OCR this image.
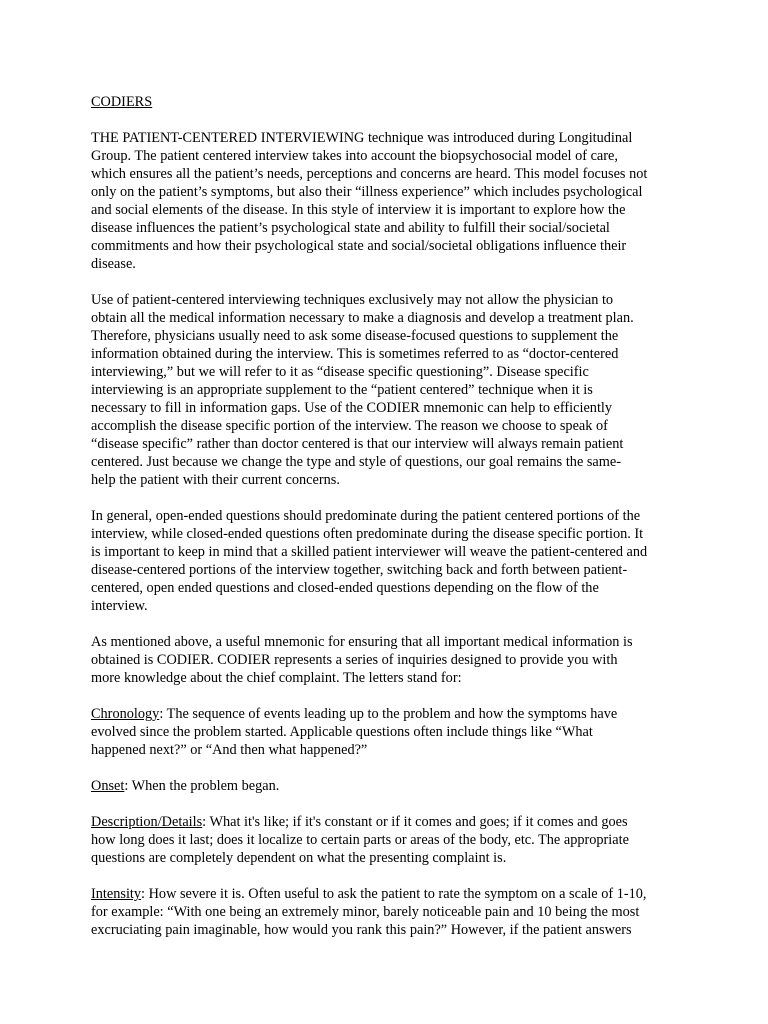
CODIERS

THE PATIENT-CENTERED INTERVIEWING technique was introduced during Longitudinal
Group. The patient centered interview takes into account the biopsychosocial model of care,
which ensures all the patient’s needs, perceptions and concerns are heard. This model focuses not
only on the patient’s symptoms, but also their “illness experience” which includes psychological
and social elements of the disease. In this style of interview it is important to explore how the
disease influences the patient’s psychological state and ability to fulfill their social/societal
commitments and how their psychological state and social/societal obligations influence their
disease.

Use of patient-centered interviewing techniques exclusively may not allow the physician to
obtain all the medical information necessary to make a diagnosis and develop a treatment plan.
Therefore, physicians usually need to ask some disease-focused questions to supplement the
information obtained during the interview. This is sometimes referred to as “doctor-centered
interviewing,” but we will refer to it as “disease specific questioning”. Disease specific
interviewing is an appropriate supplement to the “patient centered” technique when it is
necessary to fill in information gaps. Use of the CODIER mnemonic can help to efficiently
accomplish the disease specific portion of the interview. The reason we choose to speak of
“disease specific” rather than doctor centered is that our interview will always remain patient
centered. Just because we change the type and style of questions, our goal remains the same-
help the patient with their current concerns.

In general, open-ended questions should predominate during the patient centered portions of the
interview, while closed-ended questions often predominate during the disease specific portion. It
is important to keep in mind that a skilled patient interviewer will weave the patient-centered and
disease-centered portions of the interview together, switching back and forth between patient-
centered, open ended questions and closed-ended questions depending on the flow of the
interview.

As mentioned above, a useful mnemonic for ensuring that all important medical information is
obtained is CODIER. CODIER represents a series of inquiries designed to provide you with
more knowledge about the chief complaint. The letters stand for:

Chronology: The sequence of events leading up to the problem and how the symptoms have
evolved since the problem started. Applicable questions often include things like “What
happened next?” or “And then what happened?”

Onset: When the problem began.

Description/Details: What it's like; if it's constant or if it comes and goes; if it comes and goes
how long does it last; does it localize to certain parts or areas of the body, etc. The appropriate
questions are completely dependent on what the presenting complaint is.

Intensity: How severe it is. Often useful to ask the patient to rate the symptom on a scale of 1-10,
for example: “With one being an extremely minor, barely noticeable pain and 10 being the most
excruciating pain imaginable, how would you rank this pain?” However, if the patient answers
